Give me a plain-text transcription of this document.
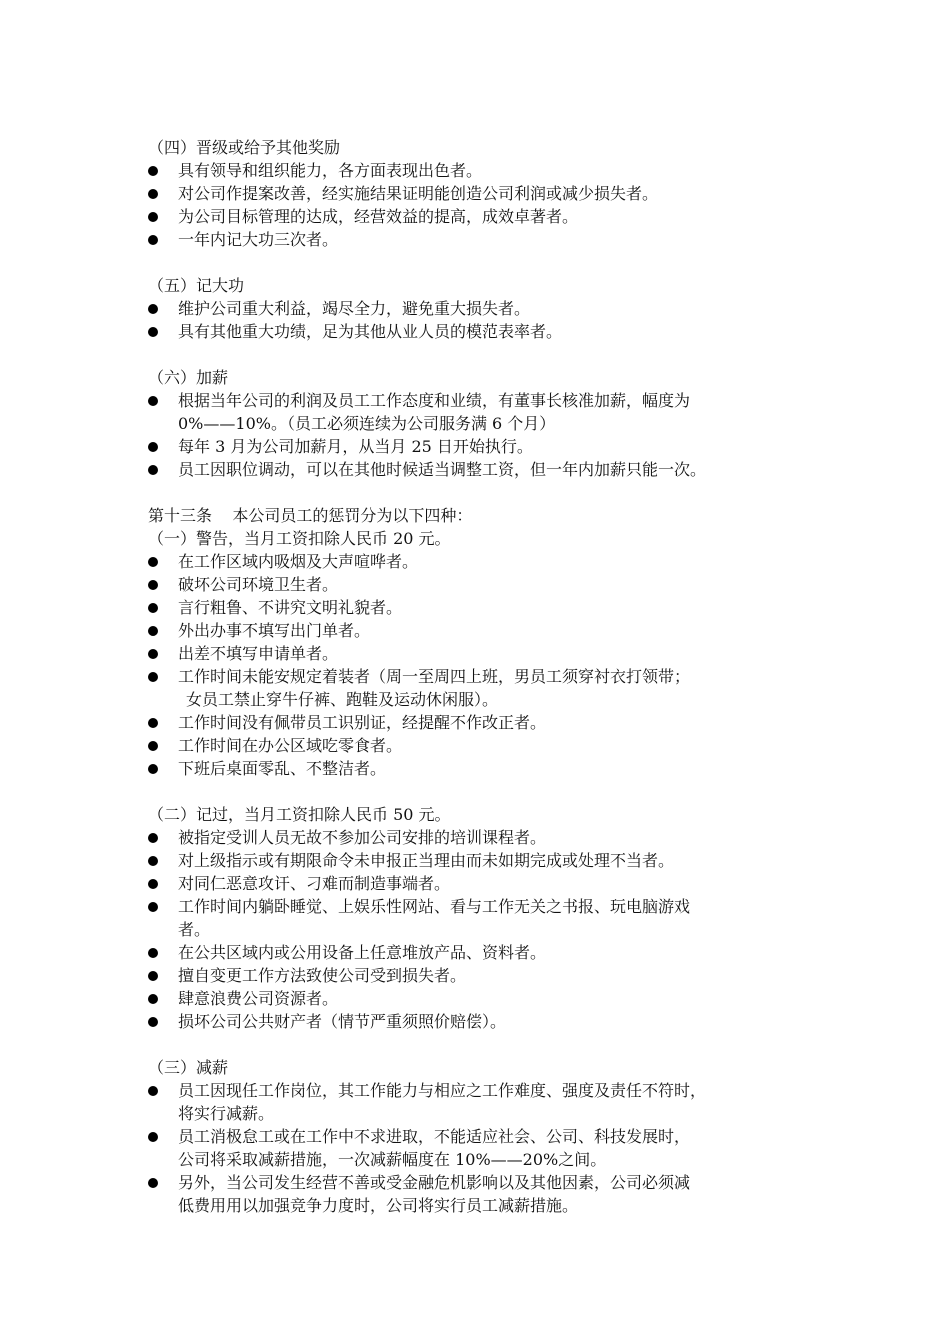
（四）晋级或给予其他奖励
具有领导和组织能力，各方面表现出色者。
对公司作提案改善，经实施结果证明能创造公司利润或减少损失者。
为公司目标管理的达成，经营效益的提高，成效卓著者。
一年内记大功三次者。
（五）记大功
维护公司重大利益，竭尽全力，避免重大损失者。
具有其他重大功绩，足为其他从业人员的模范表率者。
（六）加薪
根据当年公司的利润及员工工作态度和业绩，有董事长核准加薪，幅度为
0%——10%。（员工必须连续为公司服务满 6 个月）
每年 3 月为公司加薪月，从当月 25 日开始执行。
员工因职位调动，可以在其他时候适当调整工资，但一年内加薪只能一次。
第十三条    本公司员工的惩罚分为以下四种：
（一）警告，当月工资扣除人民币 20 元。
在工作区域内吸烟及大声喧哗者。
破坏公司环境卫生者。
言行粗鲁、不讲究文明礼貌者。
外出办事不填写出门单者。
出差不填写申请单者。
工作时间未能安规定着装者（周一至周四上班，男员工须穿衬衣打领带；
女员工禁止穿牛仔裤、跑鞋及运动休闲服）。
工作时间没有佩带员工识别证，经提醒不作改正者。
工作时间在办公区域吃零食者。
下班后桌面零乱、不整洁者。
（二）记过，当月工资扣除人民币 50 元。
被指定受训人员无故不参加公司安排的培训课程者。
对上级指示或有期限命令未申报正当理由而未如期完成或处理不当者。
对同仁恶意攻讦、刁难而制造事端者。
工作时间内躺卧睡觉、上娱乐性网站、看与工作无关之书报、玩电脑游戏
者。
在公共区域内或公用设备上任意堆放产品、资料者。
擅自变更工作方法致使公司受到损失者。
肆意浪费公司资源者。
损坏公司公共财产者（情节严重须照价赔偿）。
（三）减薪
员工因现任工作岗位，其工作能力与相应之工作难度、强度及责任不符时，
将实行减薪。
员工消极怠工或在工作中不求进取，不能适应社会、公司、科技发展时，
公司将采取减薪措施，一次减薪幅度在 10%——20%之间。
另外，当公司发生经营不善或受金融危机影响以及其他因素，公司必须减
低费用用以加强竞争力度时，公司将实行员工减薪措施。
